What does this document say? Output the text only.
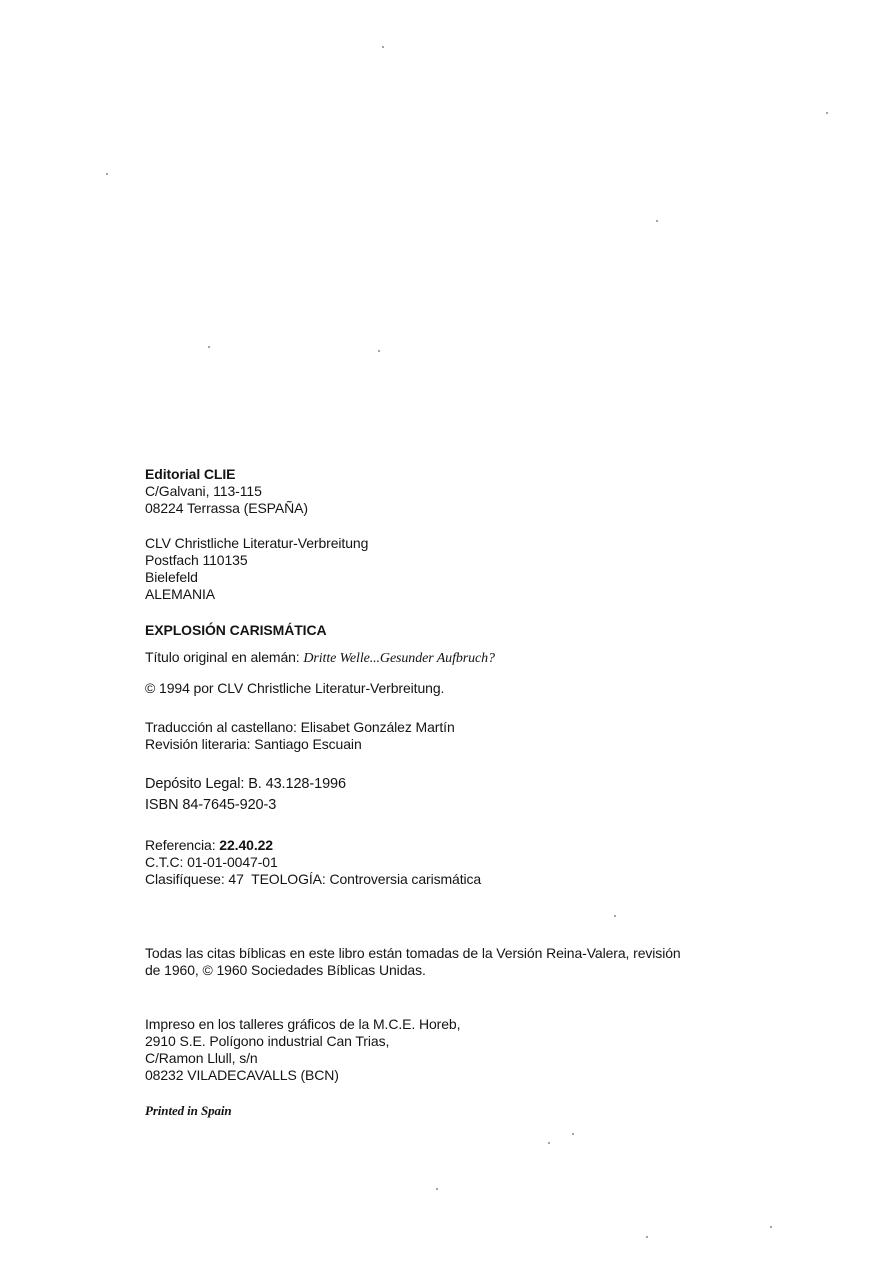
Editorial CLIE
C/Galvani, 113-115
08224 Terrassa (ESPAÑA)
CLV Christliche Literatur-Verbreitung
Postfach 110135
Bielefeld
ALEMANIA
EXPLOSIÓN CARISMÁTICA
Título original en alemán: Dritte Welle...Gesunder Aufbruch?
© 1994 por CLV Christliche Literatur-Verbreitung.
Traducción al castellano: Elisabet González Martín
Revisión literaria: Santiago Escuain
Depósito Legal: B. 43.128-1996
ISBN 84-7645-920-3
Referencia: 22.40.22
C.T.C: 01-01-0047-01
Clasifíquese: 47  TEOLOGÍA: Controversia carismática
Todas las citas bíblicas en este libro están tomadas de la Versión Reina-Valera, revisión
de 1960, © 1960 Sociedades Bíblicas Unidas.
Impreso en los talleres gráficos de la M.C.E. Horeb,
2910 S.E. Polígono industrial Can Trias,
C/Ramon Llull, s/n
08232 VILADECAVALLS (BCN)
Printed in Spain
